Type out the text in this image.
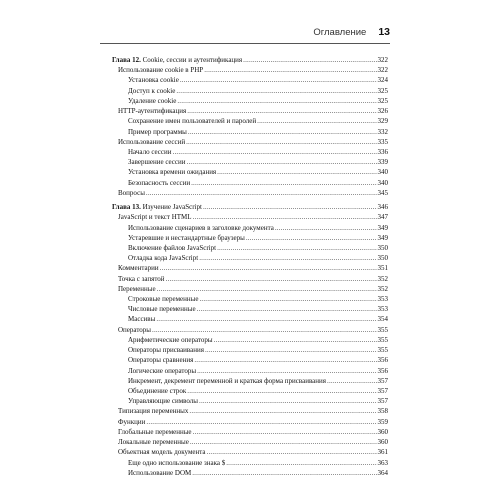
Оглавление 13
Глава 12. Cookie, сессии и аутентификация .....	322
Использование cookie в PHP .....	322
Установка cookie .....	324
Доступ к cookie .....	325
Удаление cookie .....	325
HTTP-аутентификация .....	326
Сохранение имен пользователей и паролей .....	329
Пример программы .....	332
Использование сессий .....	335
Начало сессии .....	336
Завершение сессии .....	339
Установка времени ожидания .....	340
Безопасность сессии .....	340
Вопросы .....	345
Глава 13. Изучение JavaScript .....	346
JavaScript и текст HTML .....	347
Использование сценариев в заголовке документа .....	349
Устаревшие и нестандартные браузеры .....	349
Включение файлов JavaScript .....	350
Отладка кода JavaScript .....	350
Комментарии .....	351
Точка с запятой .....	352
Переменные .....	352
Строковые переменные .....	353
Числовые переменные .....	353
Массивы .....	354
Операторы .....	355
Арифметические операторы .....	355
Операторы присваивания .....	355
Операторы сравнения .....	356
Логические операторы .....	356
Инкремент, декремент переменной и краткая форма присваивания .....	357
Объединение строк .....	357
Управляющие символы .....	357
Типизация переменных .....	358
Функции .....	359
Глобальные переменные .....	360
Локальные переменные .....	360
Объектная модель документа .....	361
Еще одно использование знака $ .....	363
Использование DOM .....	364
